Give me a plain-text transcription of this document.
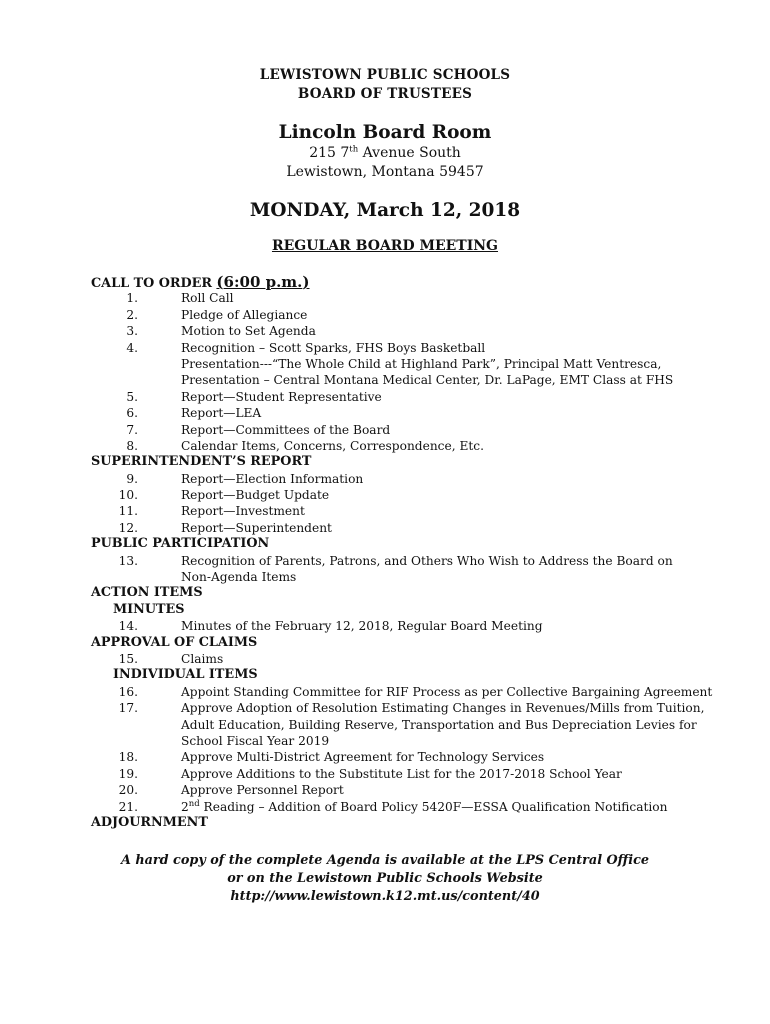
LEWISTOWN PUBLIC SCHOOLS
BOARD OF TRUSTEES
Lincoln Board Room
215 7th Avenue South
Lewistown, Montana 59457
MONDAY, March 12, 2018
REGULAR BOARD MEETING
CALL TO ORDER (6:00 p.m.)
1.	Roll Call
2.	Pledge of Allegiance
3.	Motion to Set Agenda
4.	Recognition – Scott Sparks, FHS Boys Basketball
Presentation---“The Whole Child at Highland Park”, Principal Matt Ventresca,
Presentation – Central Montana Medical Center, Dr. LaPage, EMT Class at FHS
5.	Report—Student Representative
6.	Report—LEA
7.	Report—Committees of the Board
8.	Calendar Items, Concerns, Correspondence, Etc.
SUPERINTENDENT’S REPORT
9.	Report—Election Information
10.	Report—Budget Update
11.	Report—Investment
12.	Report—Superintendent
PUBLIC PARTICIPATION
13.	Recognition of Parents, Patrons, and Others Who Wish to Address the Board on
Non-Agenda Items
ACTION ITEMS
MINUTES
14.	Minutes of the February 12, 2018, Regular Board Meeting
APPROVAL OF CLAIMS
15.	Claims
INDIVIDUAL ITEMS
16.	Appoint Standing Committee for RIF Process as per Collective Bargaining Agreement
17.	Approve Adoption of Resolution Estimating Changes in Revenues/Mills from Tuition,
Adult Education, Building Reserve, Transportation and Bus Depreciation Levies for
School Fiscal Year 2019
18.	Approve Multi-District Agreement for Technology Services
19.	Approve Additions to the Substitute List for the 2017-2018 School Year
20.	Approve Personnel Report
21.	2nd Reading – Addition of Board Policy 5420F—ESSA Qualification Notification
ADJOURNMENT
A hard copy of the complete Agenda is available at the LPS Central Office
or on the Lewistown Public Schools Website
http://www.lewistown.k12.mt.us/content/40
